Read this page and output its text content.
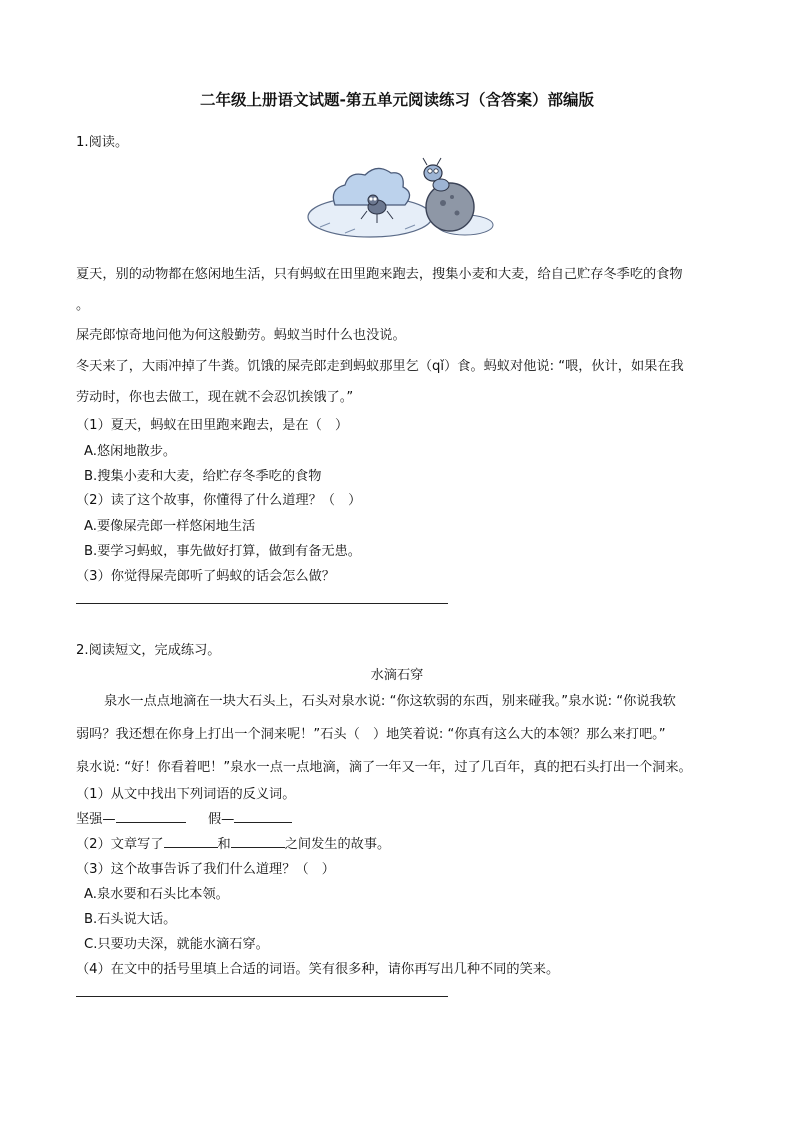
二年级上册语文试题-第五单元阅读练习（含答案）部编版
1.阅读。
夏天，别的动物都在悠闲地生活，只有蚂蚁在田里跑来跑去，搜集小麦和大麦，给自己贮存冬季吃的食物
。
屎壳郎惊奇地问他为何这般勤劳。蚂蚁当时什么也没说。
冬天来了，大雨冲掉了牛粪。饥饿的屎壳郎走到蚂蚁那里乞（qǐ）食。蚂蚁对他说: “喂，伙计，如果在我
劳动时，你也去做工，现在就不会忍饥挨饿了。”
（1）夏天，蚂蚁在田里跑来跑去，是在（　）
A.悠闲地散步。
B.搜集小麦和大麦，给贮存冬季吃的食物
（2）读了这个故事，你懂得了什么道理？（　）
A.要像屎壳郎一样悠闲地生活
B.要学习蚂蚁，事先做好打算，做到有备无患。
（3）你觉得屎壳郎听了蚂蚁的话会怎么做？
2.阅读短文，完成练习。
水滴石穿
泉水一点点地滴在一块大石头上，石头对泉水说: “你这软弱的东西，别来碰我。”泉水说: “你说我软
弱吗？我还想在你身上打出一个洞来呢！”石头（　）地笑着说: “你真有这么大的本领？那么来打吧。”
泉水说: “好！你看着吧！”泉水一点一点地滴，滴了一年又一年，过了几百年，真的把石头打出一个洞来。
（1）从文中找出下列词语的反义词。
坚强—	假—
（2）文章写了	和	之间发生的故事。
（3）这个故事告诉了我们什么道理？（　）
A.泉水要和石头比本领。
B.石头说大话。
C.只要功夫深，就能水滴石穿。
（4）在文中的括号里填上合适的词语。笑有很多种，请你再写出几种不同的笑来。
